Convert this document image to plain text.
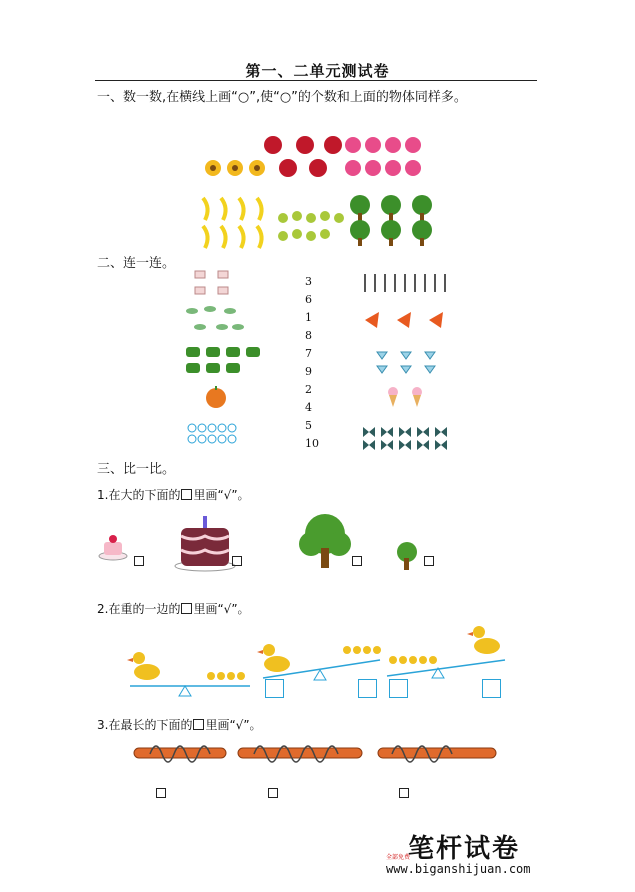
第一、二单元测试卷
一、数一数,在横线上画“○”,使“○”的个数和上面的物体同样多。
二、连一连。
3
6
1
8
7
9
2
4
5
10
三、比一比。
1.在大的下面的 里画“√”。
2.在重的一边的 里画“√”。
3.在最长的下面的 里画“√”。
笔杆试卷
全部免费
www.biganshijuan.com
